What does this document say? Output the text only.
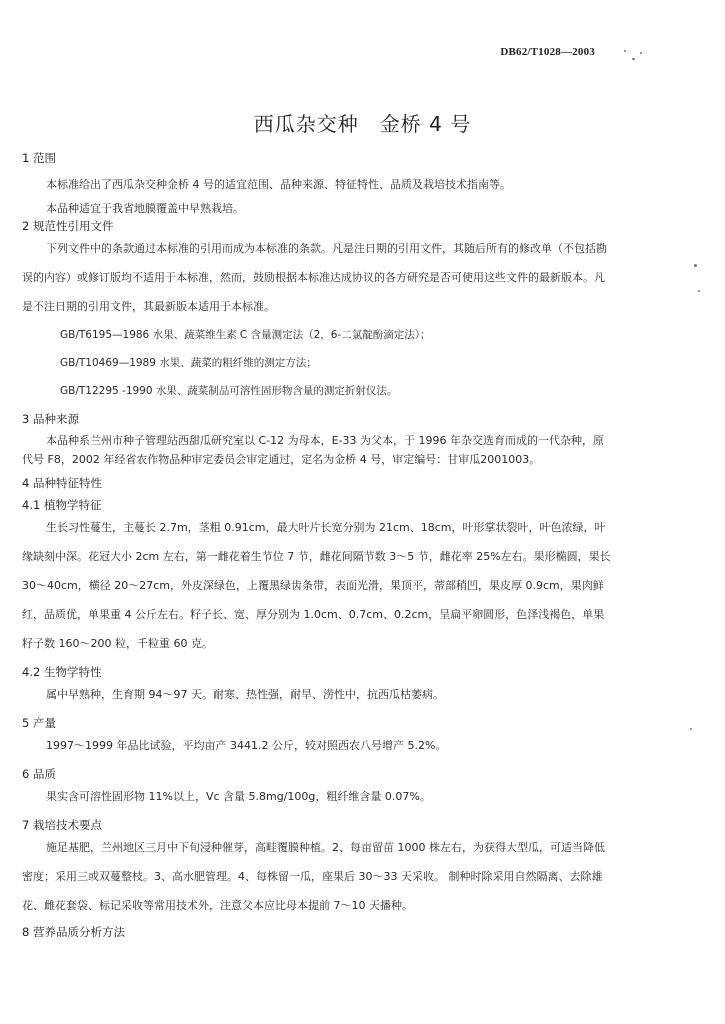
DB62/T1028—2003
西瓜杂交种　金桥 4 号

1 范围

本标准给出了西瓜杂交种金桥 4 号的适宜范围、品种来源、特征特性、品质及栽培技术指南等。

本品种适宜于我省地膜覆盖中早熟栽培。

2 规范性引用文件

下列文件中的条款通过本标准的引用而成为本标准的条款。凡是注日期的引用文件，其随后所有的修改单（不包括勘误的内容）或修订版均不适用于本标准，然而，鼓励根据本标准达成协议的各方研究是否可使用这些文件的最新版本。凡是不注日期的引用文件，其最新版本适用于本标准。

GB/T6195—1986 水果、蔬菜维生素 C 含量测定法（2，6-二氯靛酚滴定法）；

GB/T10469—1989 水果、蔬菜的粗纤维的测定方法；

GB/T12295 -1990 水果、蔬菜制品可溶性固形物含量的测定折射仪法。

3 品种来源

本品种系兰州市种子管理站西甜瓜研究室以 C-12 为母本，E-33 为父本，于 1996 年杂交选育而成的一代杂种，原代号 F8，2002 年经省农作物品种审定委员会审定通过，定名为金桥 4 号，审定编号：甘审瓜2001003。

4 品种特征特性

4.1 植物学特征

生长习性蔓生，主蔓长 2.7m，茎粗 0.91cm，最大叶片长宽分别为 21cm、18cm，叶形掌状裂叶，叶色浓绿，叶缘缺刻中深。花冠大小 2cm 左右，第一雌花着生节位 7 节，雌花间隔节数 3～5 节，雌花率 25%左右。果形椭圆，果长 30～40cm，横径 20～27cm，外皮深绿色，上覆黑绿齿条带，表面光滑，果顶平，蒂部稍凹，果皮厚 0.9cm，果肉鲜红，品质优，单果重 4 公斤左右。籽子长、宽、厚分别为 1.0cm、0.7cm、0.2cm，呈扁平卵圆形，色泽浅褐色，单果籽子数 160～200 粒，千粒重 60 克。

4.2 生物学特性

属中早熟种，生育期 94～97 天。耐寒、热性强，耐旱、涝性中，抗西瓜枯萎病。

5 产量

1997～1999 年品比试验，平均亩产 3441.2 公斤，较对照西农八号增产 5.2%。

6 品质

果实含可溶性固形物 11%以上，Vc 含量 5.8mg/100g，粗纤维含量 0.07%。

7 栽培技术要点

施足基肥，兰州地区三月中下旬浸种催芽，高畦覆膜种植。2、每亩留苗 1000 株左右，为获得大型瓜，可适当降低密度；采用三或双蔓整枝。3、高水肥管理。4、每株留一瓜，座果后 30～33 天采收。 制种时除采用自然隔离、去除雄花、雌花套袋、标记采收等常用技术外，注意父本应比母本提前 7～10 天播种。

8 营养品质分析方法
